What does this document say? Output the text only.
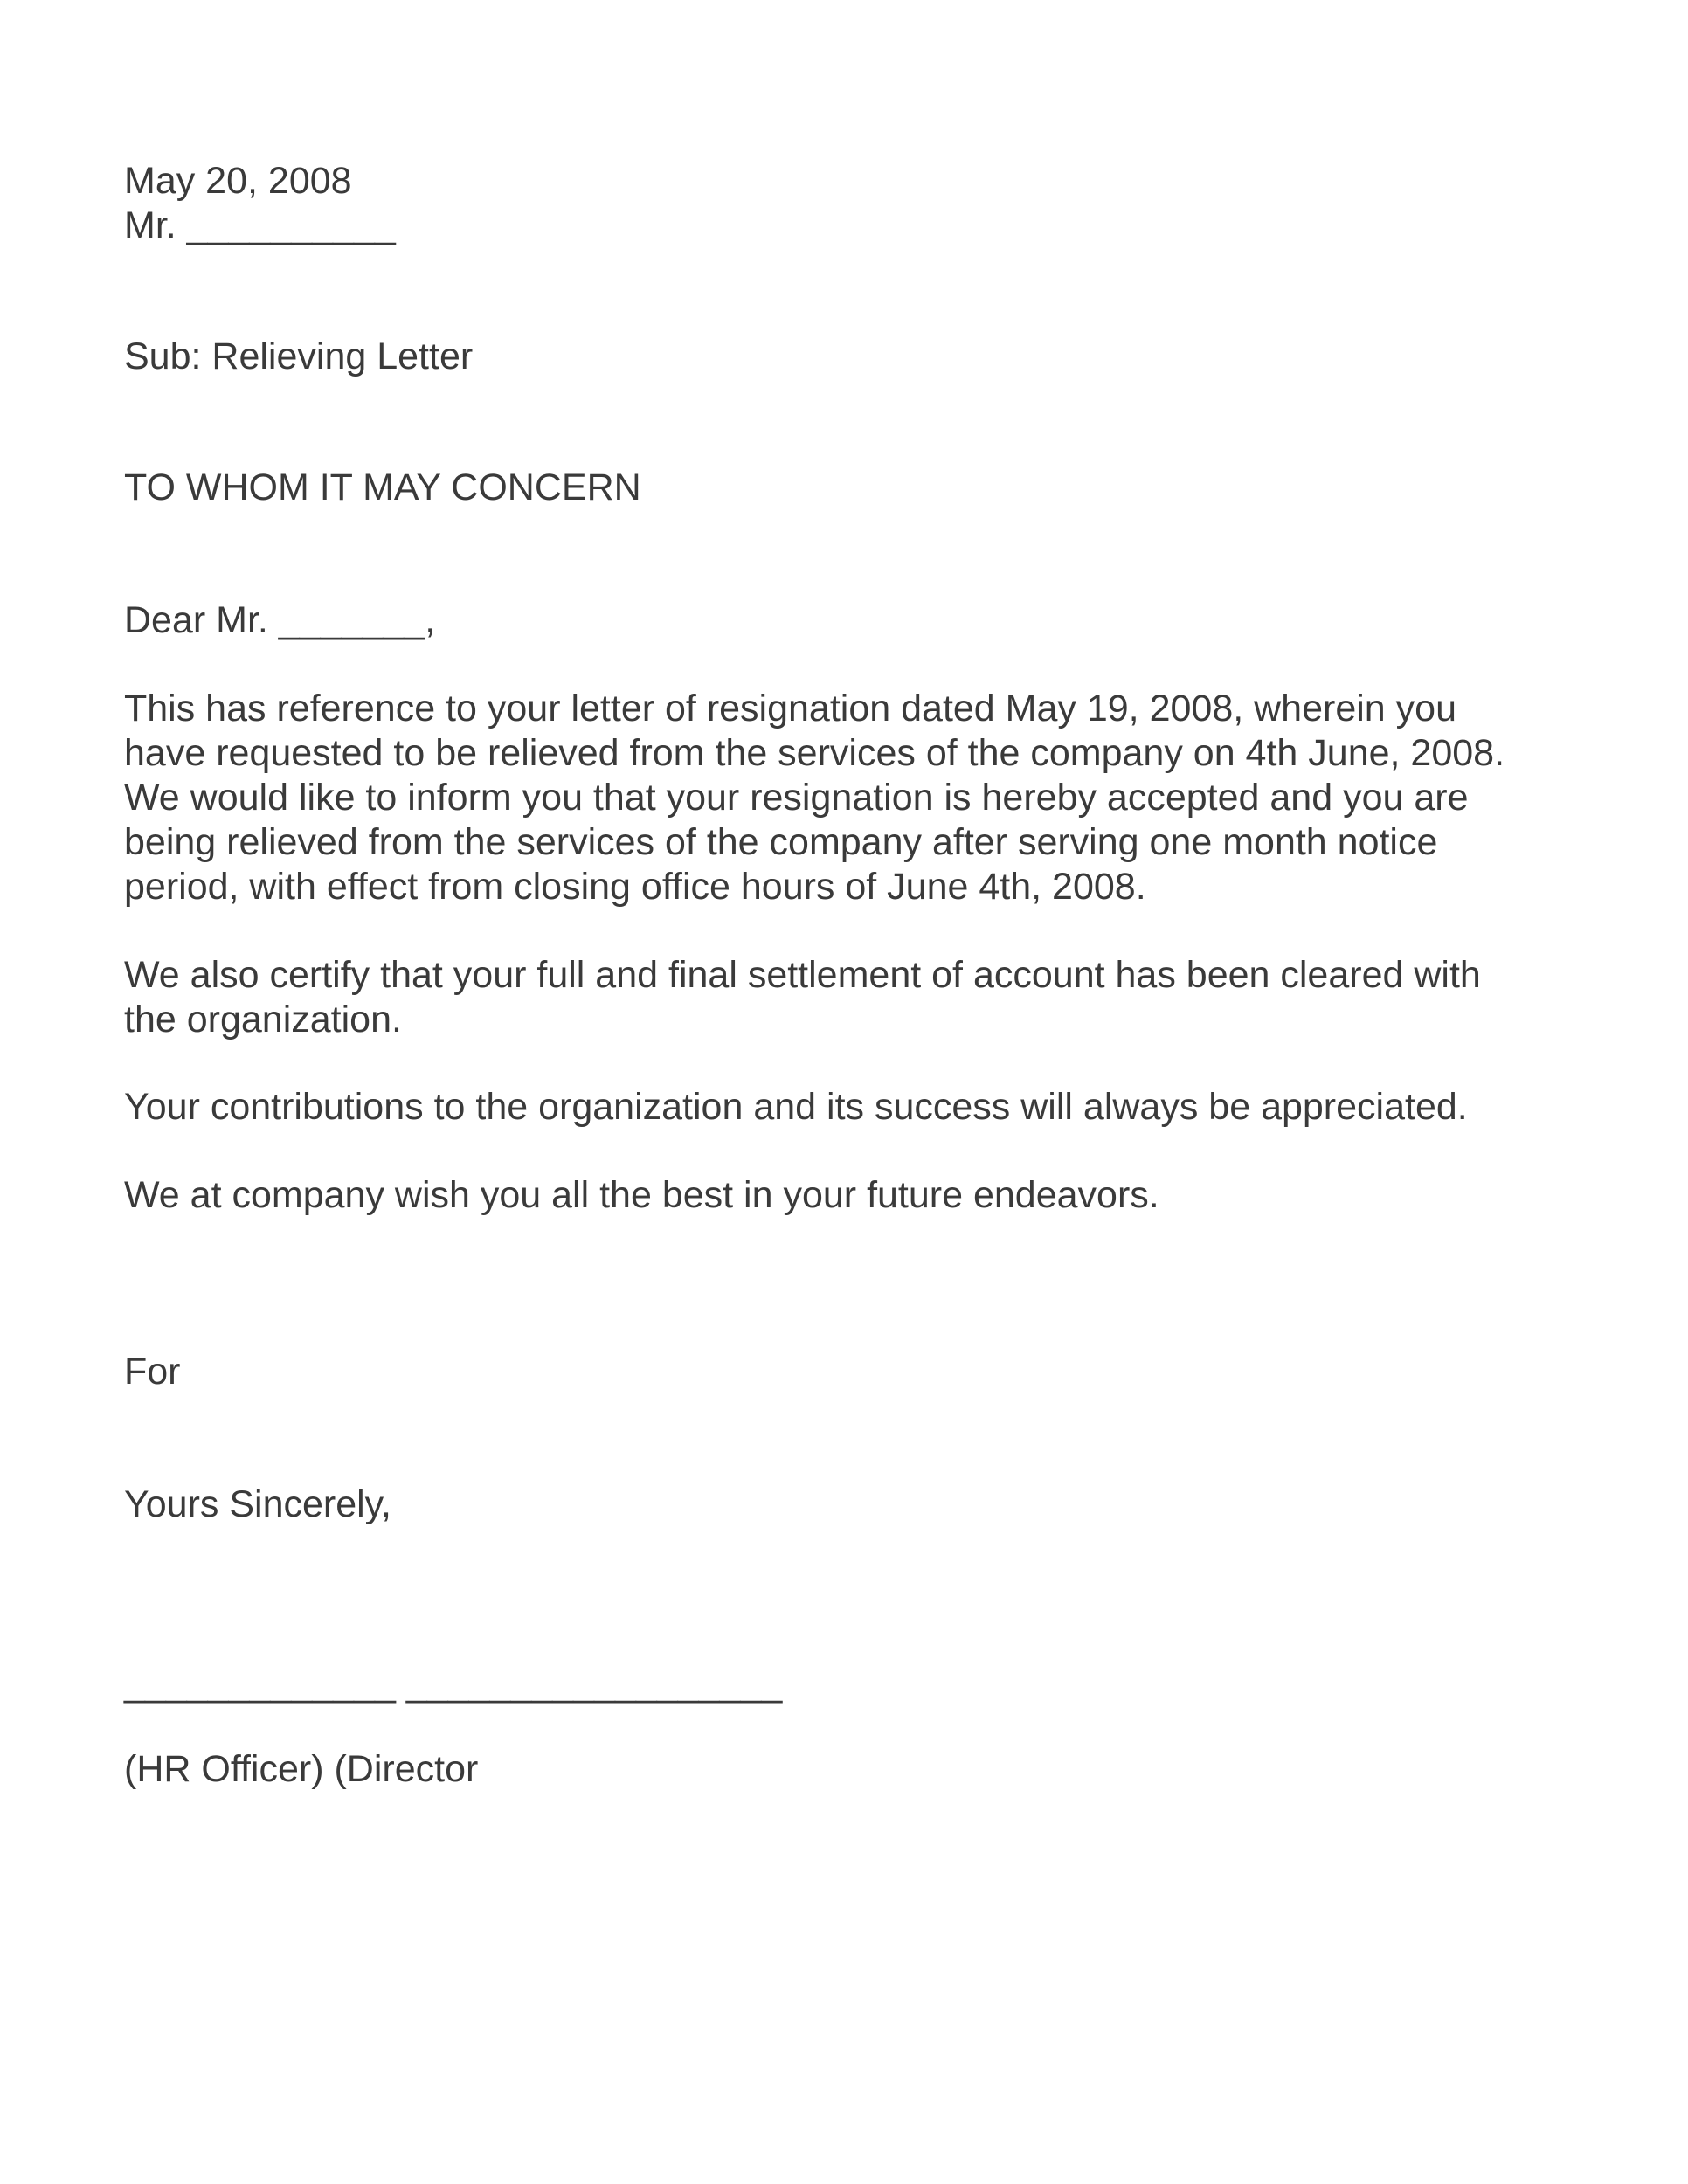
May 20, 2008

Mr. __________

Sub: Relieving Letter

TO WHOM IT MAY CONCERN

Dear Mr. _______,

This has reference to your letter of resignation dated May 19, 2008, wherein you
have requested to be relieved from the services of the company on 4th June, 2008.
We would like to inform you that your resignation is hereby accepted and you are
being relieved from the services of the company after serving one month notice
period, with effect from closing office hours of June 4th, 2008.
We also certify that your full and final settlement of account has been cleared with
the organization.
Your contributions to the organization and its success will always be appreciated.
We at company wish you all the best in your future endeavors.

For

Yours Sincerely,

_____________ __________________

(HR Officer) (Director
